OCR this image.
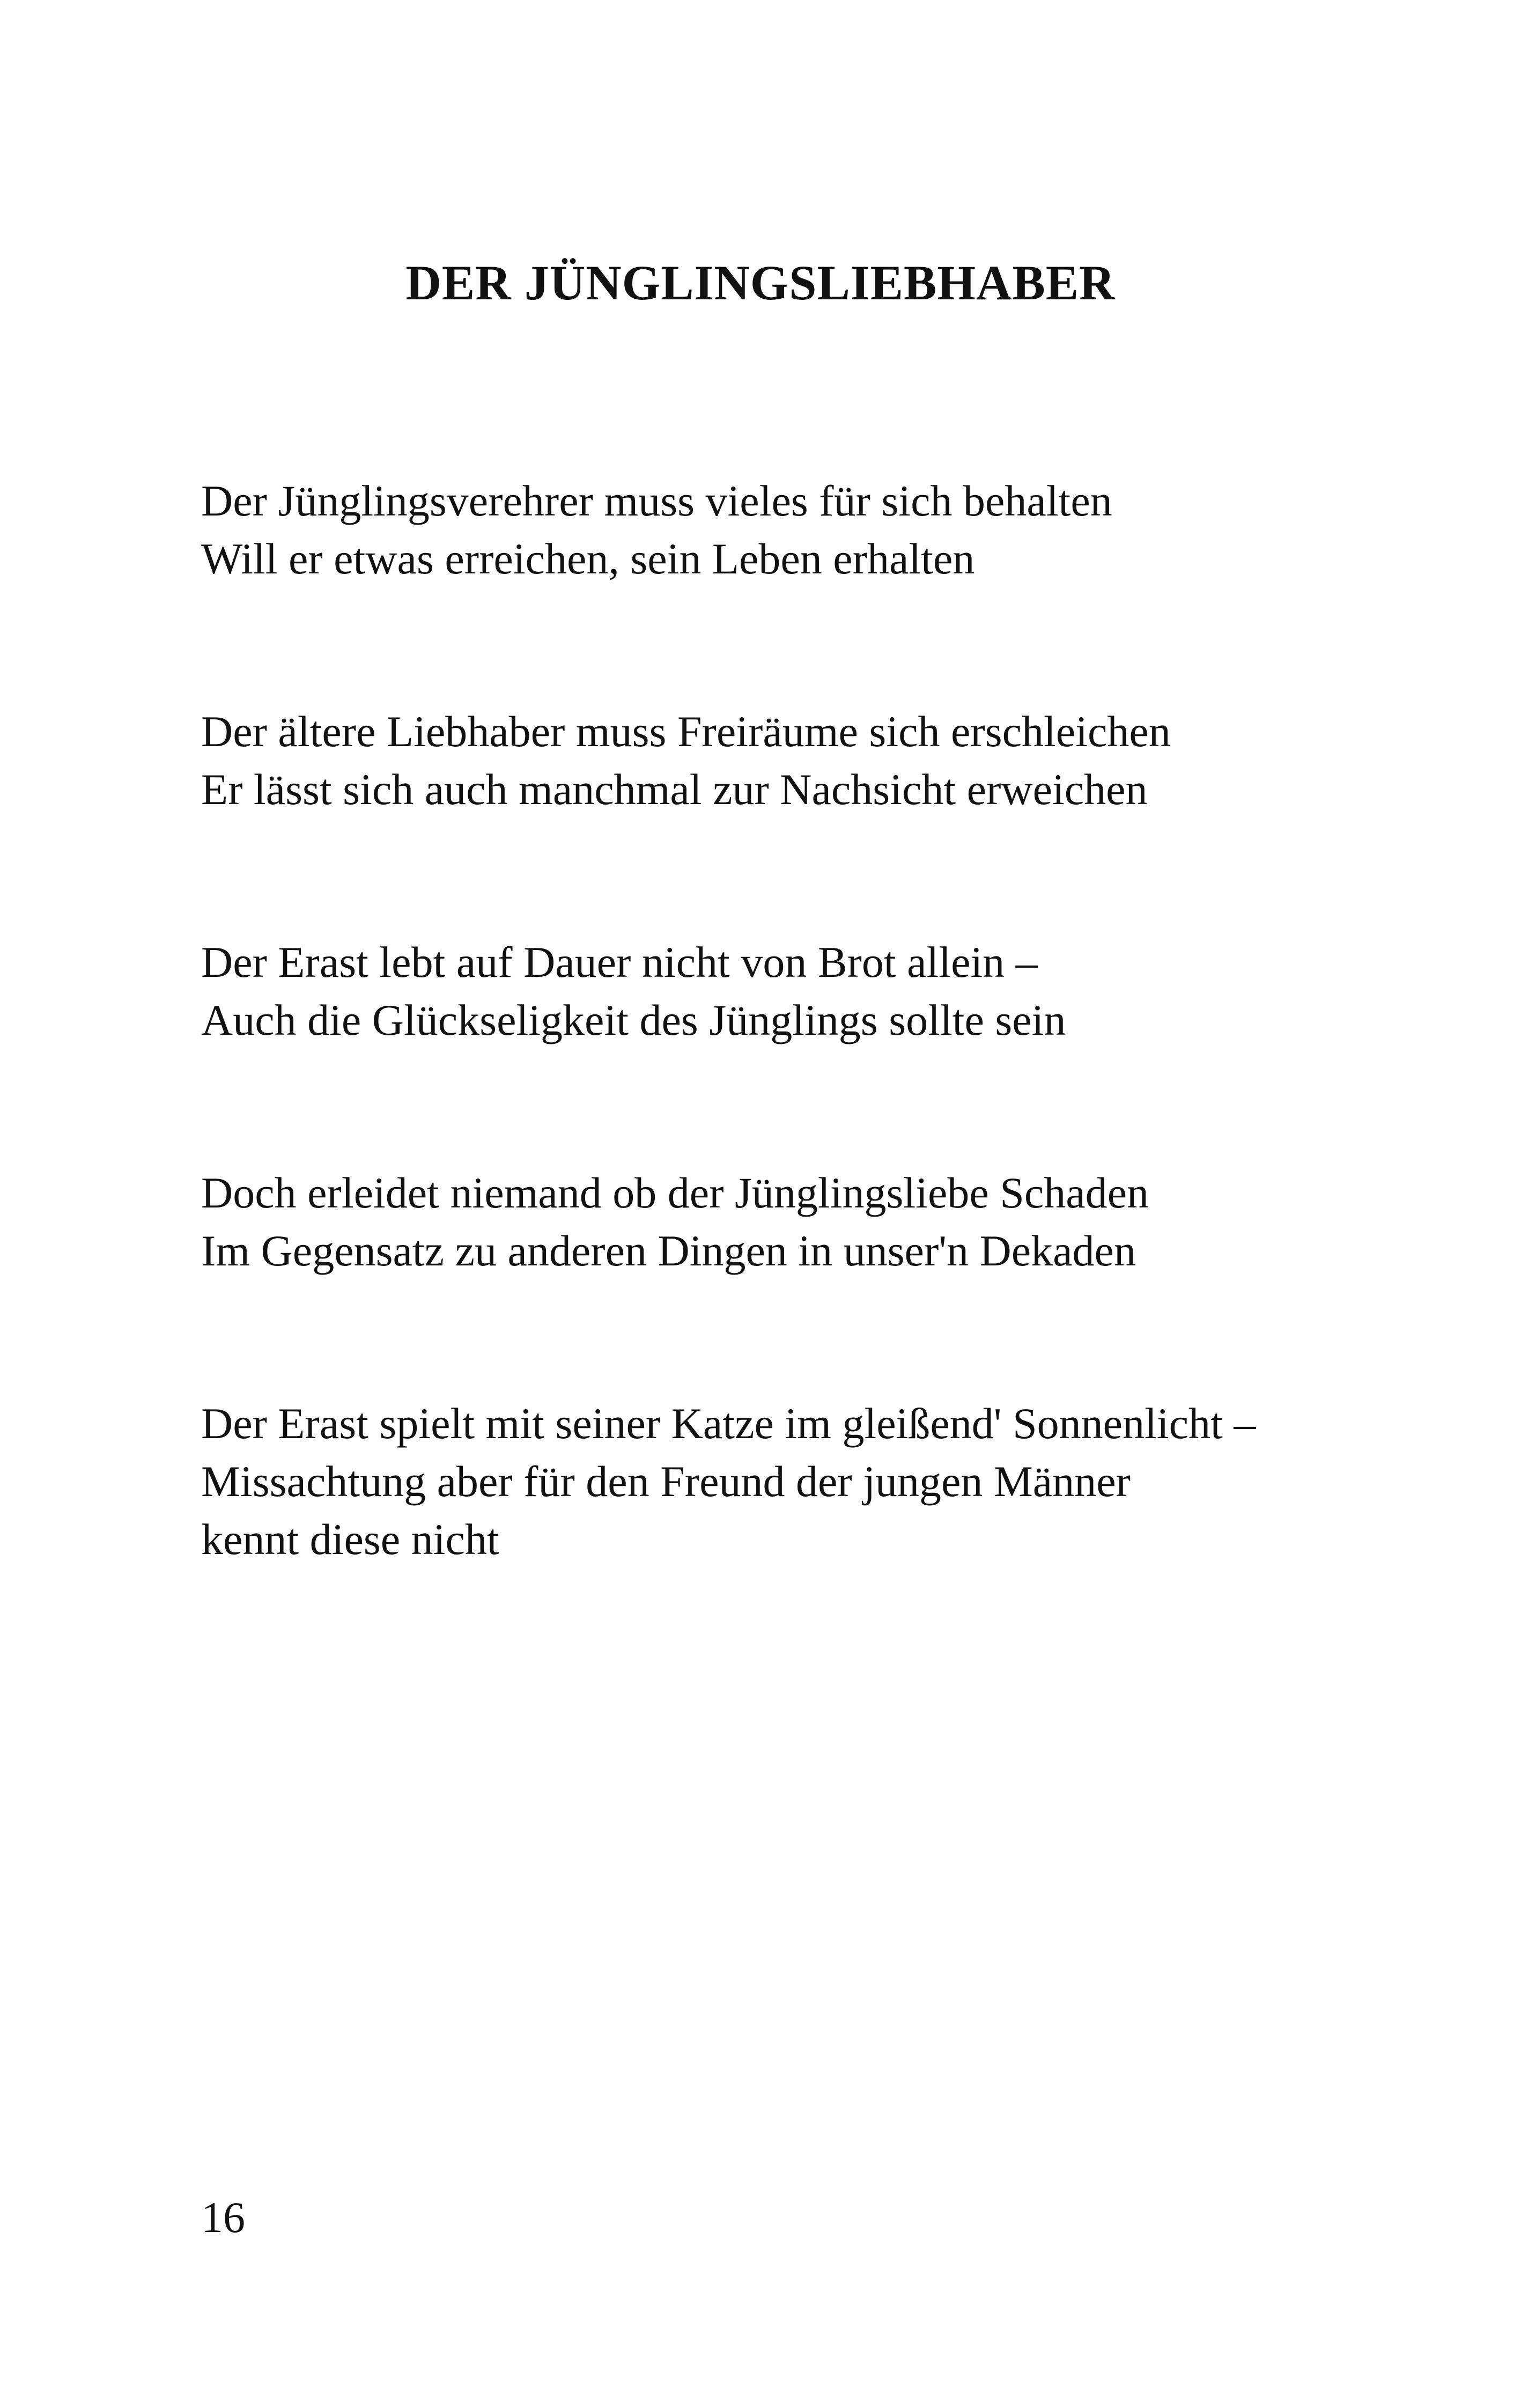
DER JÜNGLINGSLIEBHABER
Der Jünglingsverehrer muss vieles für sich behalten
Will er etwas erreichen, sein Leben erhalten
Der ältere Liebhaber muss Freiräume sich erschleichen
Er lässt sich auch manchmal zur Nachsicht erweichen
Der Erast lebt auf Dauer nicht von Brot allein –
Auch die Glückseligkeit des Jünglings sollte sein
Doch erleidet niemand ob der Jünglingsliebe Schaden
Im Gegensatz zu anderen Dingen in unser'n Dekaden
Der Erast spielt mit seiner Katze im gleißend' Sonnenlicht –
Missachtung aber für den Freund der jungen Männer
kennt diese nicht
16
